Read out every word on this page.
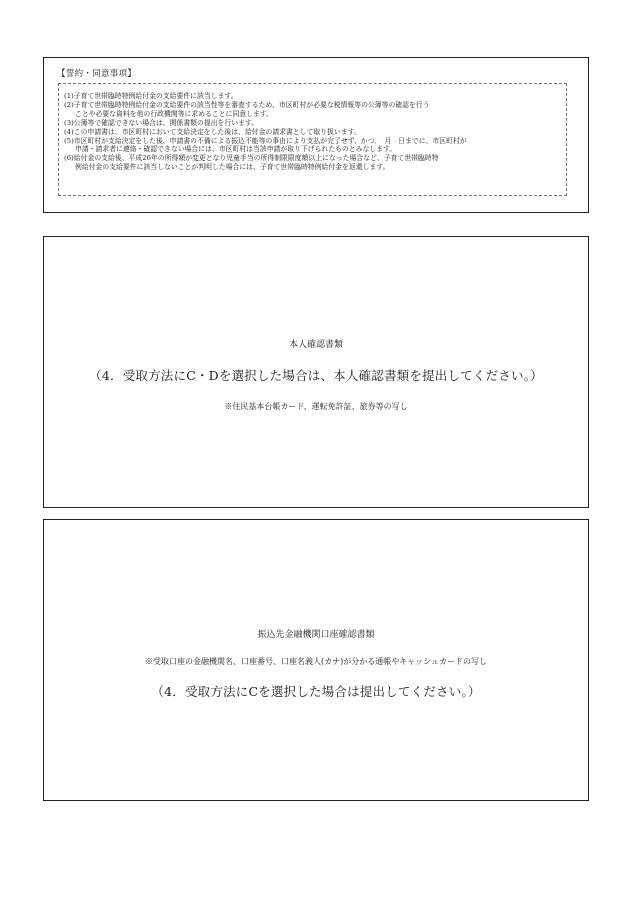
【誓約・同意事項】
(1)子育て世帯臨時特例給付金の支給要件に該当します。
(2)子育て世帯臨時特例給付金の支給要件の該当性等を審査するため、市区町村が必要な税情報等の公簿等の確認を行う
ことや必要な資料を他の行政機関等に求めることに同意します。
(3)公簿等で確認できない場合は、関係書類の提出を行います。
(4)この申請書は、市区町村において支給決定をした後は、給付金の請求書として取り扱います。
(5)市区町村が支給決定をした後、申請書の不備による振込不能等の事由により支払が完了せず、かつ、　月　日までに、市区町村が
申請・請求者に連絡・確認できない場合には、市区町村は当該申請が取り下げられたものとみなします。
(6)給付金の支給後、平成26年の所得額が変更となり児童手当の所得制限限度額以上になった場合など、子育て世帯臨時特
例給付金の支給要件に該当しないことが判明した場合には、子育て世帯臨時特例給付金を返還します。
本人確認書類
（4．受取方法にC・Dを選択した場合は、本人確認書類を提出してください。）
※住民基本台帳カード、運転免許証、旅券等の写し
振込先金融機関口座確認書類
※受取口座の金融機関名、口座番号、口座名義人(カナ)が分かる通帳やキャッシュカードの写し
（4．受取方法にCを選択した場合は提出してください。）
